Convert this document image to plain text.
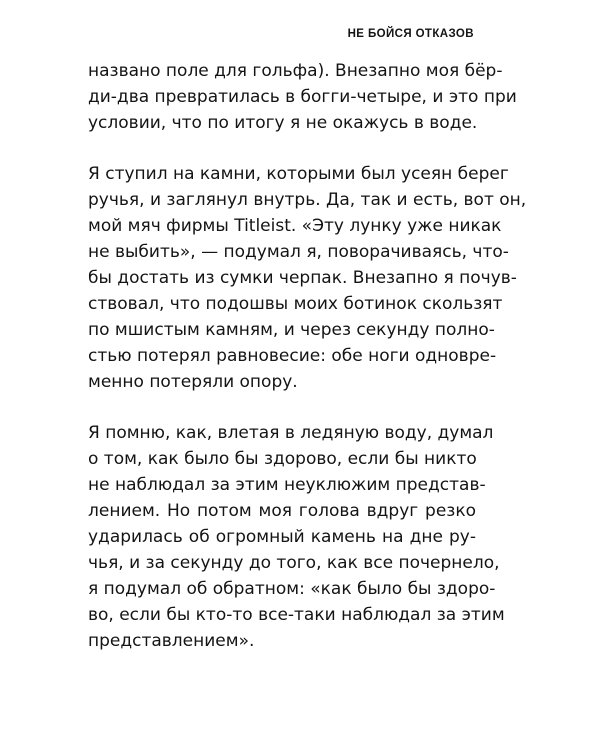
НЕ БОЙСЯ ОТКАЗОВ
названо поле для гольфа). Внезапно моя бёр-
ди-два превратилась в богги-четыре, и это при
условии, что по итогу я не окажусь в воде.
Я ступил на камни, которыми был усеян берег
ручья, и заглянул внутрь. Да, так и есть, вот он,
мой мяч фирмы Titleist. «Эту лунку уже никак
не выбить», — подумал я, поворачиваясь, что-
бы достать из сумки черпак. Внезапно я почув-
ствовал, что подошвы моих ботинок скользят
по мшистым камням, и через секунду полно-
стью потерял равновесие: обе ноги одновре-
менно потеряли опору.
Я помню, как, влетая в ледяную воду, думал
о том, как было бы здорово, если бы никто
не наблюдал за этим неуклюжим представ-
лением. Но потом моя голова вдруг резко
ударилась об огромный камень на дне ру-
чья, и за секунду до того, как все почернело,
я подумал об обратном: «как было бы здоро-
во, если бы кто-то все-таки наблюдал за этим
представлением».
